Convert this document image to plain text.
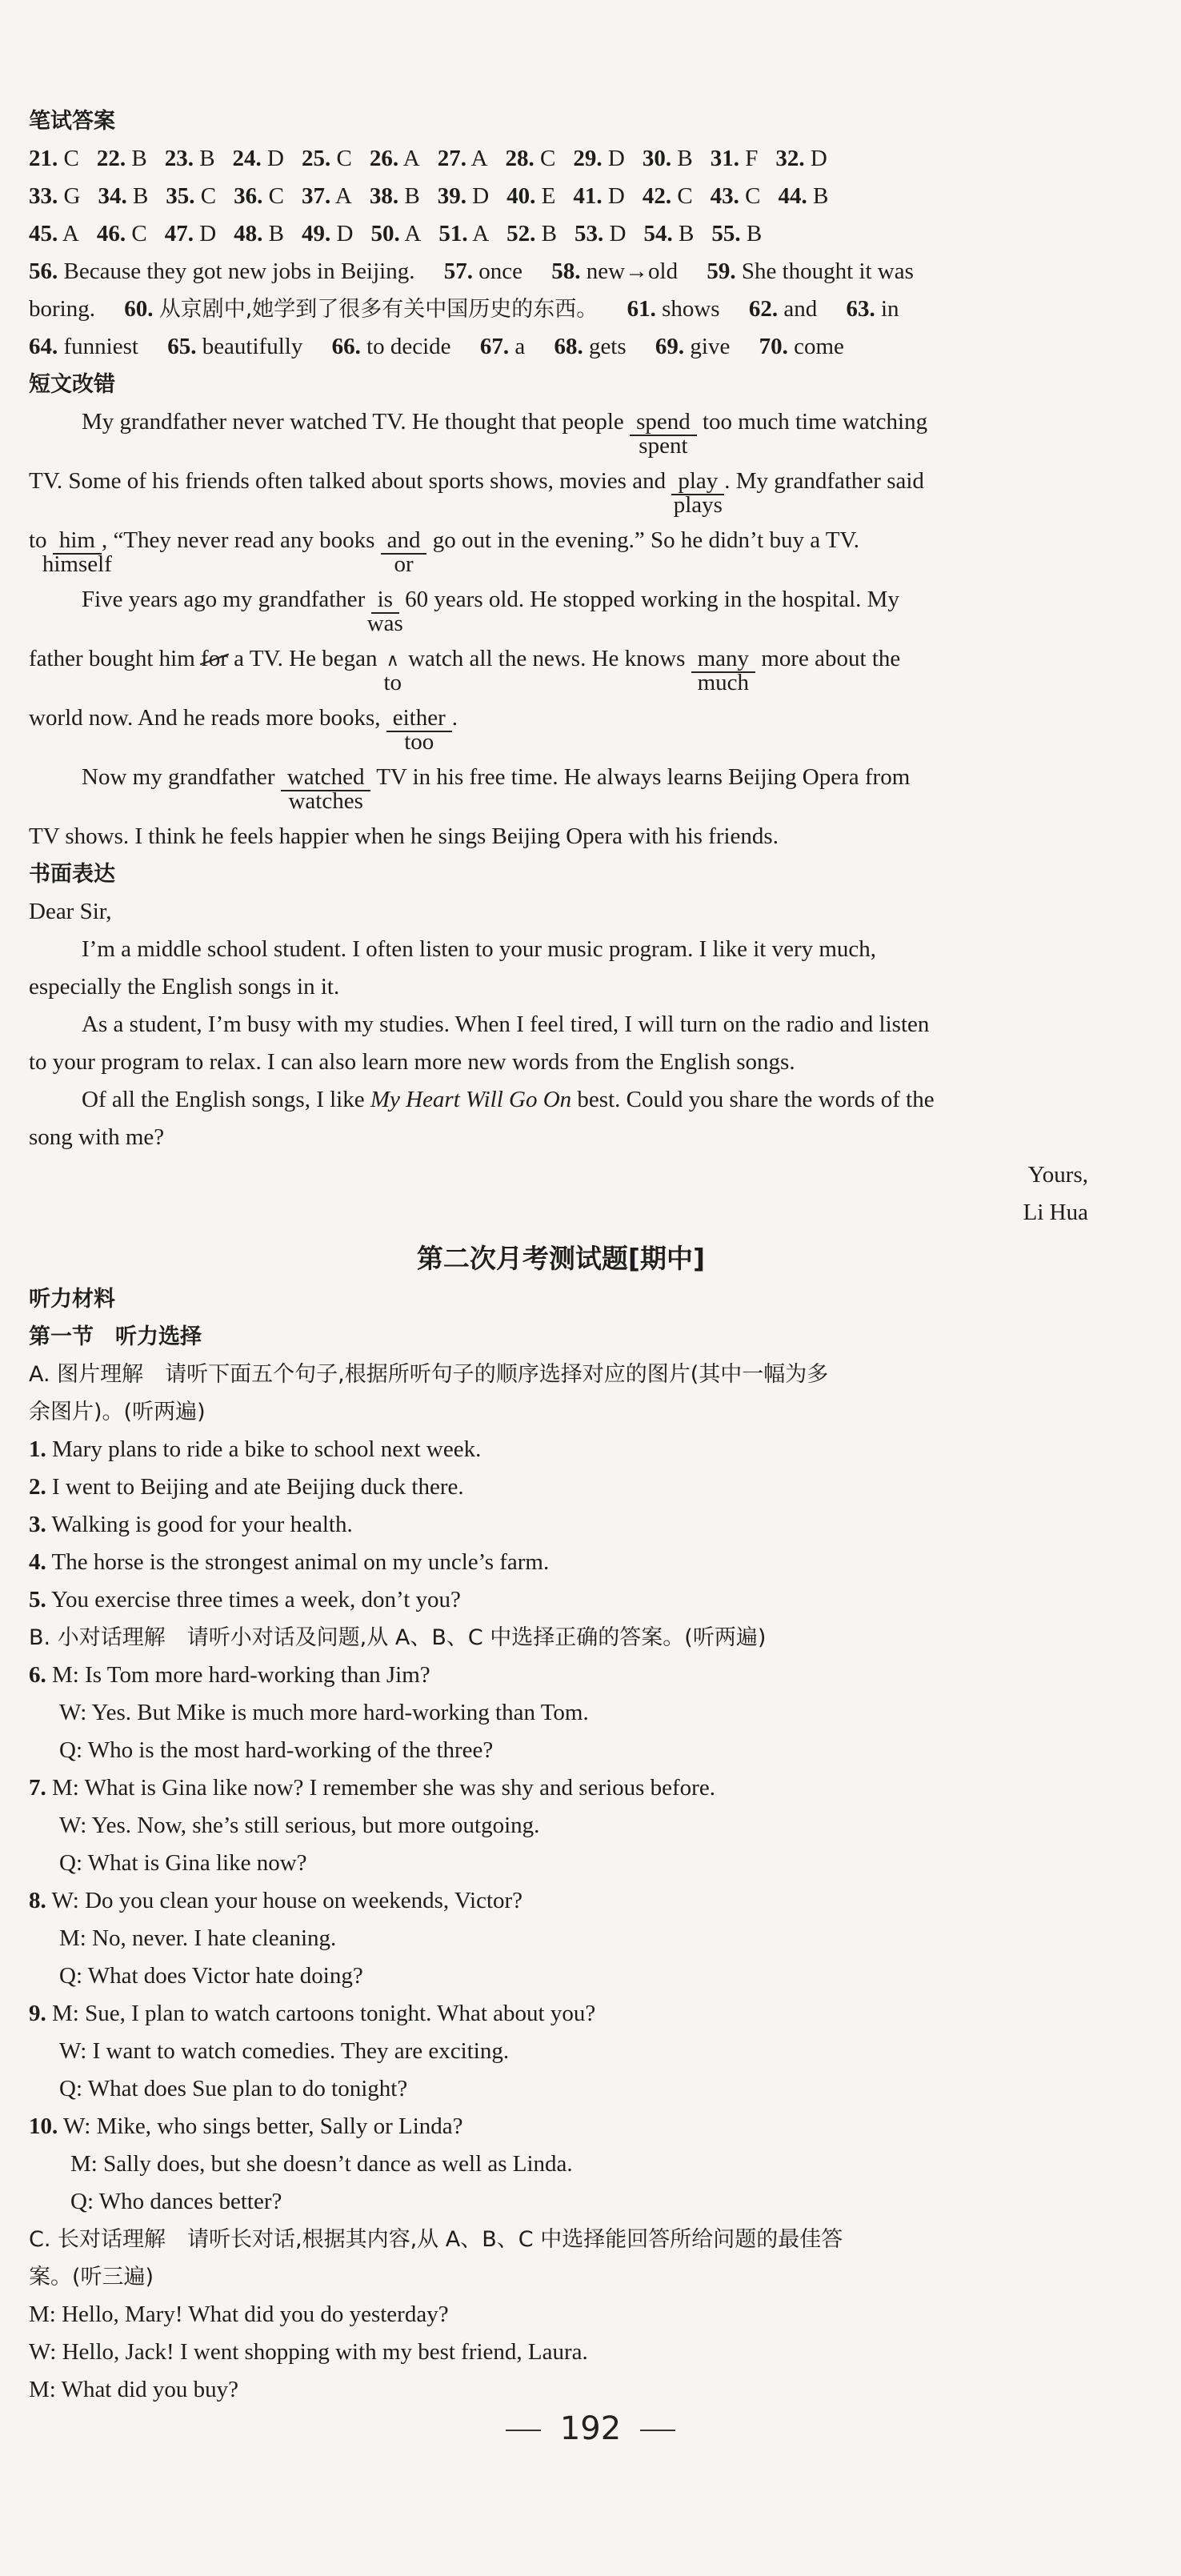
笔试答案
21. C 22. B 23. B 24. D 25. C 26. A 27. A 28. C 29. D 30. B 31. F 32. D
33. G 34. B 35. C 36. C 37. A 38. B 39. D 40. E 41. D 42. C 43. C 44. B
45. A 46. C 47. D 48. B 49. D 50. A 51. A 52. B 53. D 54. B 55. B
56. Because they got new jobs in Beijing. 57. once 58. new→old 59. She thought it was
boring. 60. 从京剧中,她学到了很多有关中国历史的东西。 61. shows 62. and 63. in
64. funniest 65. beautifully 66. to decide 67. a 68. gets 69. give 70. come
短文改错
My grandfather never watched TV. He thought that people spend
spent
too much time watching
TV. Some of his friends often talked about sports shows, movies and play
plays
. My grandfather said
to him
himself
, “They never read any books and
or
go out in the evening.” So he didn’t buy a TV.
Five years ago my grandfather is
was
60 years old. He stopped working in the hospital. My
father bought him for a TV. He began ∧
to
watch all the news. He knows many
much
more about the
world now. And he reads more books, either
too
.
Now my grandfather watched
watches
TV in his free time. He always learns Beijing Opera from
TV shows. I think he feels happier when he sings Beijing Opera with his friends.
书面表达
Dear Sir,
I’m a middle school student. I often listen to your music program. I like it very much,
especially the English songs in it.
As a student, I’m busy with my studies. When I feel tired, I will turn on the radio and listen
to your program to relax. I can also learn more new words from the English songs.
Of all the English songs, I like My Heart Will Go On best. Could you share the words of the
song with me?
Yours,
Li Hua
第二次月考测试题[期中]
听力材料
第一节　听力选择
A. 图片理解　请听下面五个句子,根据所听句子的顺序选择对应的图片(其中一幅为多
余图片)。(听两遍)
1. Mary plans to ride a bike to school next week.
2. I went to Beijing and ate Beijing duck there.
3. Walking is good for your health.
4. The horse is the strongest animal on my uncle’s farm.
5. You exercise three times a week, don’t you?
B. 小对话理解　请听小对话及问题,从 A、B、C 中选择正确的答案。(听两遍)
6. M: Is Tom more hard-working than Jim?
W: Yes. But Mike is much more hard-working than Tom.
Q: Who is the most hard-working of the three?
7. M: What is Gina like now? I remember she was shy and serious before.
W: Yes. Now, she’s still serious, but more outgoing.
Q: What is Gina like now?
8. W: Do you clean your house on weekends, Victor?
M: No, never. I hate cleaning.
Q: What does Victor hate doing?
9. M: Sue, I plan to watch cartoons tonight. What about you?
W: I want to watch comedies. They are exciting.
Q: What does Sue plan to do tonight?
10. W: Mike, who sings better, Sally or Linda?
M: Sally does, but she doesn’t dance as well as Linda.
Q: Who dances better?
C. 长对话理解　请听长对话,根据其内容,从 A、B、C 中选择能回答所给问题的最佳答
案。(听三遍)
M: Hello, Mary! What did you do yesterday?
W: Hello, Jack! I went shopping with my best friend, Laura.
M: What did you buy?
192
